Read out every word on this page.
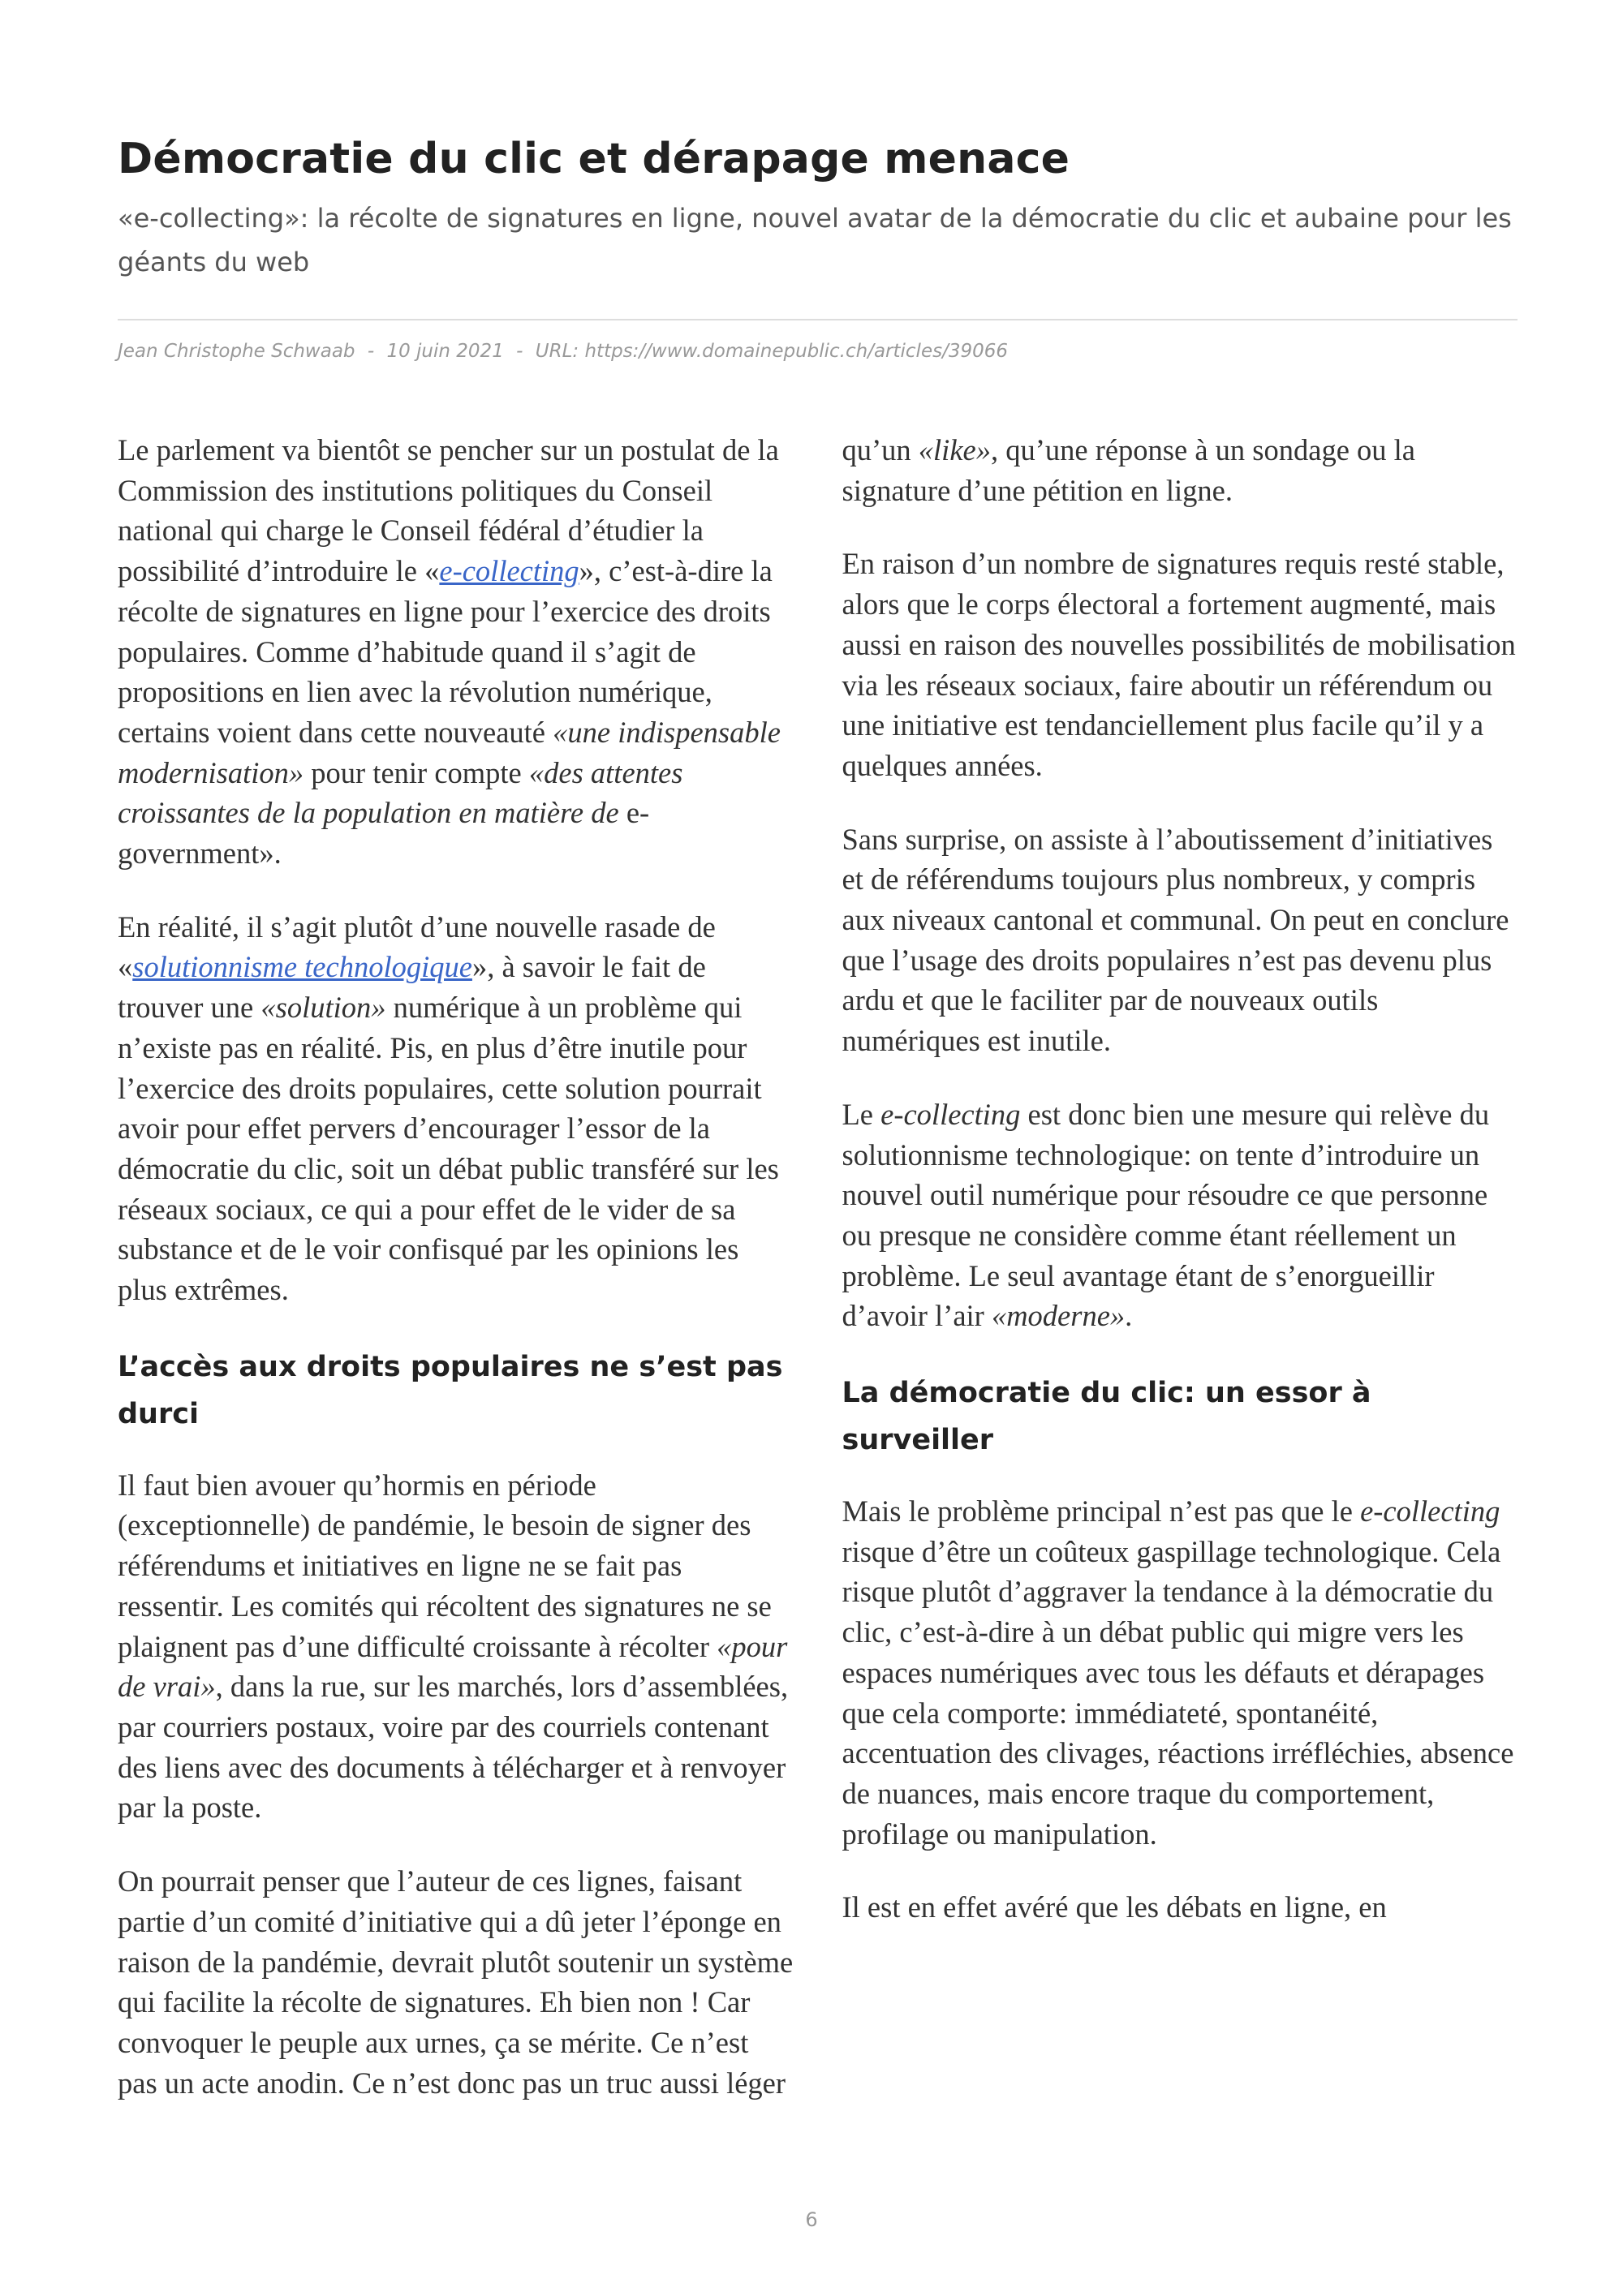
Démocratie du clic et dérapage menace

«e-collecting»: la récolte de signatures en ligne, nouvel avatar de la démocratie du clic et aubaine pour les géants du web

Jean Christophe Schwaab - 10 juin 2021 - URL: https://www.domainepublic.ch/articles/39066

Le parlement va bientôt se pencher sur un postulat de la Commission des institutions politiques du Conseil national qui charge le Conseil fédéral d’étudier la possibilité d’introduire le «e-collecting», c’est-à-dire la récolte de signatures en ligne pour l’exercice des droits populaires. Comme d’habitude quand il s’agit de propositions en lien avec la révolution numérique, certains voient dans cette nouveauté «une indispensable modernisation» pour tenir compte «des attentes croissantes de la population en matière de e-government».

En réalité, il s’agit plutôt d’une nouvelle rasade de «solutionnisme technologique», à savoir le fait de trouver une «solution» numérique à un problème qui n’existe pas en réalité. Pis, en plus d’être inutile pour l’exercice des droits populaires, cette solution pourrait avoir pour effet pervers d’encourager l’essor de la démocratie du clic, soit un débat public transféré sur les réseaux sociaux, ce qui a pour effet de le vider de sa substance et de le voir confisqué par les opinions les plus extrêmes.

L’accès aux droits populaires ne s’est pas durci

Il faut bien avouer qu’hormis en période (exceptionnelle) de pandémie, le besoin de signer des référendums et initiatives en ligne ne se fait pas ressentir. Les comités qui récoltent des signatures ne se plaignent pas d’une difficulté croissante à récolter «pour de vrai», dans la rue, sur les marchés, lors d’assemblées, par courriers postaux, voire par des courriels contenant des liens avec des documents à télécharger et à renvoyer par la poste.

On pourrait penser que l’auteur de ces lignes, faisant partie d’un comité d’initiative qui a dû jeter l’éponge en raison de la pandémie, devrait plutôt soutenir un système qui facilite la récolte de signatures. Eh bien non ! Car convoquer le peuple aux urnes, ça se mérite. Ce n’est pas un acte anodin. Ce n’est donc pas un truc aussi léger qu’un «like», qu’une réponse à un sondage ou la signature d’une pétition en ligne.

En raison d’un nombre de signatures requis resté stable, alors que le corps électoral a fortement augmenté, mais aussi en raison des nouvelles possibilités de mobilisation via les réseaux sociaux, faire aboutir un référendum ou une initiative est tendanciellement plus facile qu’il y a quelques années.

Sans surprise, on assiste à l’aboutissement d’initiatives et de référendums toujours plus nombreux, y compris aux niveaux cantonal et communal. On peut en conclure que l’usage des droits populaires n’est pas devenu plus ardu et que le faciliter par de nouveaux outils numériques est inutile.

Le e-collecting est donc bien une mesure qui relève du solutionnisme technologique: on tente d’introduire un nouvel outil numérique pour résoudre ce que personne ou presque ne considère comme étant réellement un problème. Le seul avantage étant de s’enorgueillir d’avoir l’air «moderne».

La démocratie du clic: un essor à surveiller

Mais le problème principal n’est pas que le e-collecting risque d’être un coûteux gaspillage technologique. Cela risque plutôt d’aggraver la tendance à la démocratie du clic, c’est-à-dire à un débat public qui migre vers les espaces numériques avec tous les défauts et dérapages que cela comporte: immédiateté, spontanéité, accentuation des clivages, réactions irréfléchies, absence de nuances, mais encore traque du comportement, profilage ou manipulation.

Il est en effet avéré que les débats en ligne, en

6
